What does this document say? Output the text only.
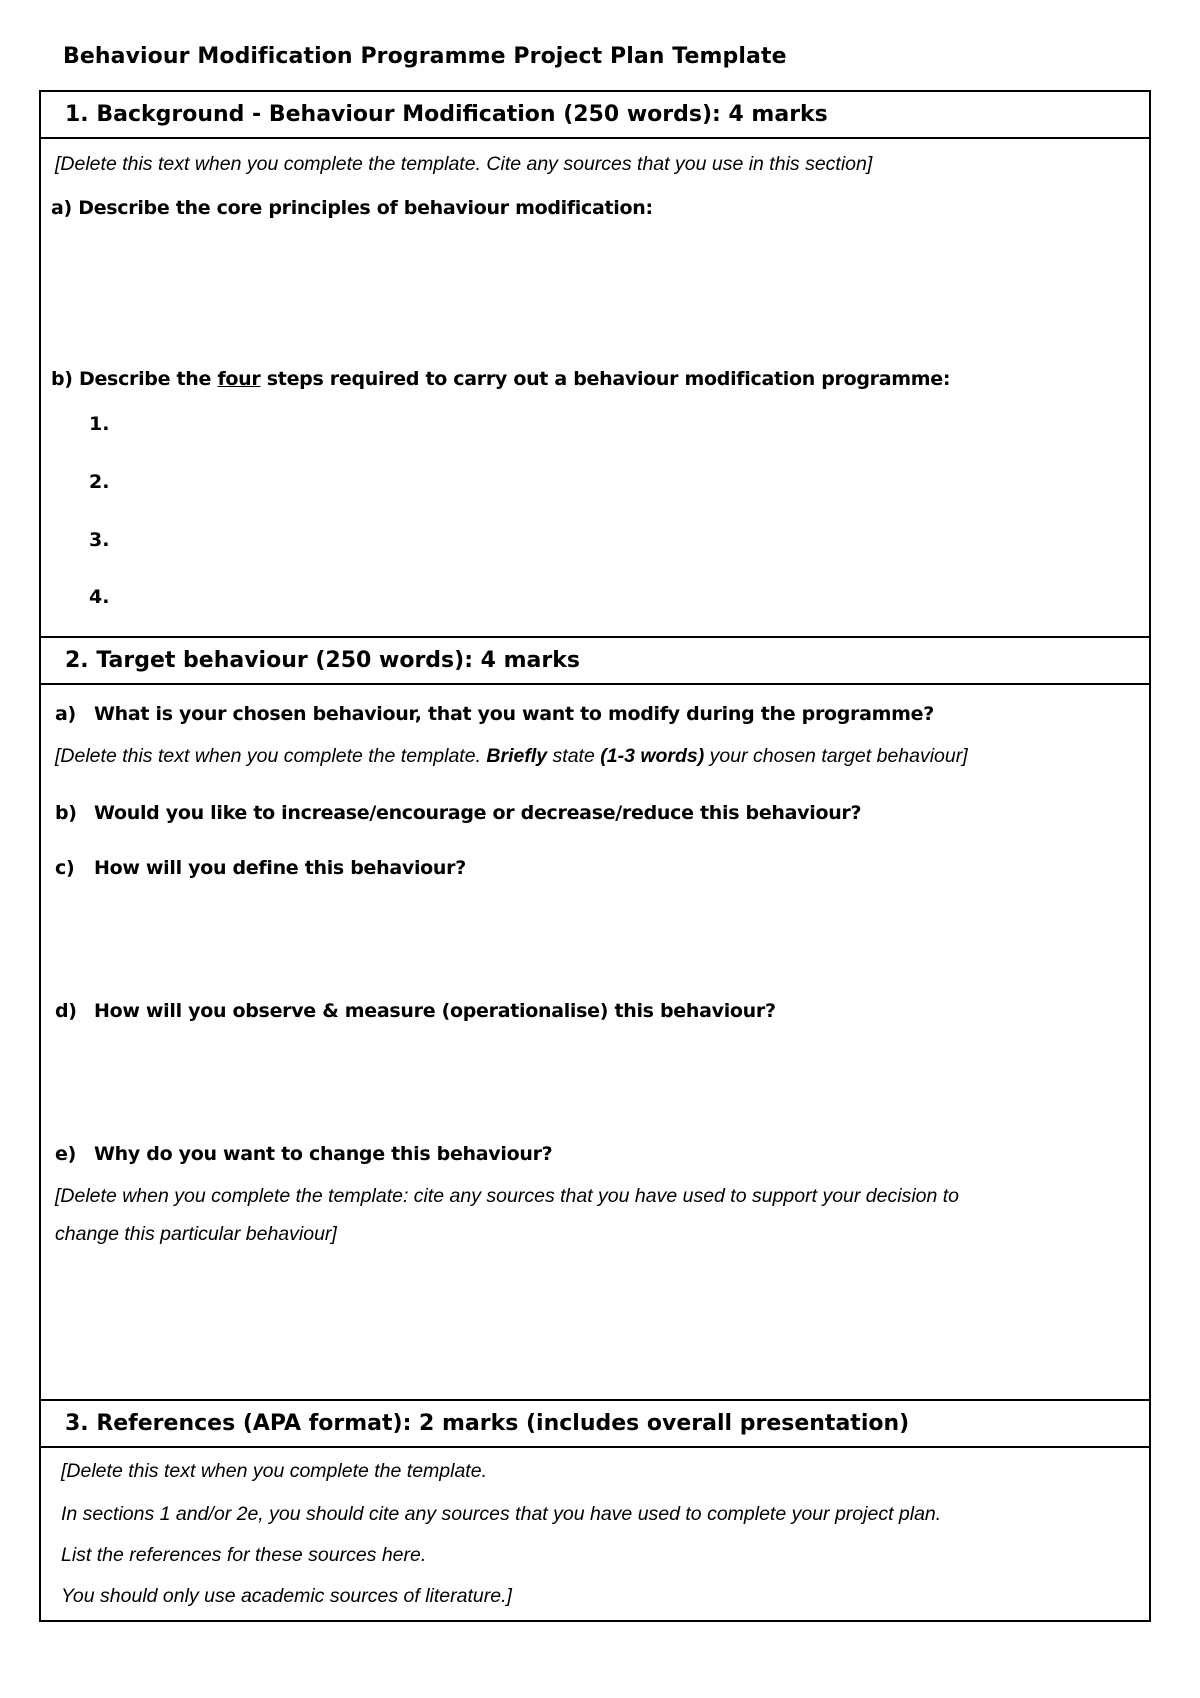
Behaviour Modification Programme Project Plan Template
1. Background - Behaviour Modification (250 words): 4 marks
[Delete this text when you complete the template. Cite any sources that you use in this section]
a) Describe the core principles of behaviour modification:
b) Describe the four steps required to carry out a behaviour modification programme:
1.
2.
3.
4.
2. Target behaviour (250 words): 4 marks
a) What is your chosen behaviour, that you want to modify during the programme?
[Delete this text when you complete the template. Briefly state (1-3 words) your chosen target behaviour]
b) Would you like to increase/encourage or decrease/reduce this behaviour?
c) How will you define this behaviour?
d) How will you observe & measure (operationalise) this behaviour?
e) Why do you want to change this behaviour?
[Delete when you complete the template: cite any sources that you have used to support your decision to
change this particular behaviour]
3. References (APA format): 2 marks (includes overall presentation)
[Delete this text when you complete the template.
In sections 1 and/or 2e, you should cite any sources that you have used to complete your project plan.
List the references for these sources here.
You should only use academic sources of literature.]
